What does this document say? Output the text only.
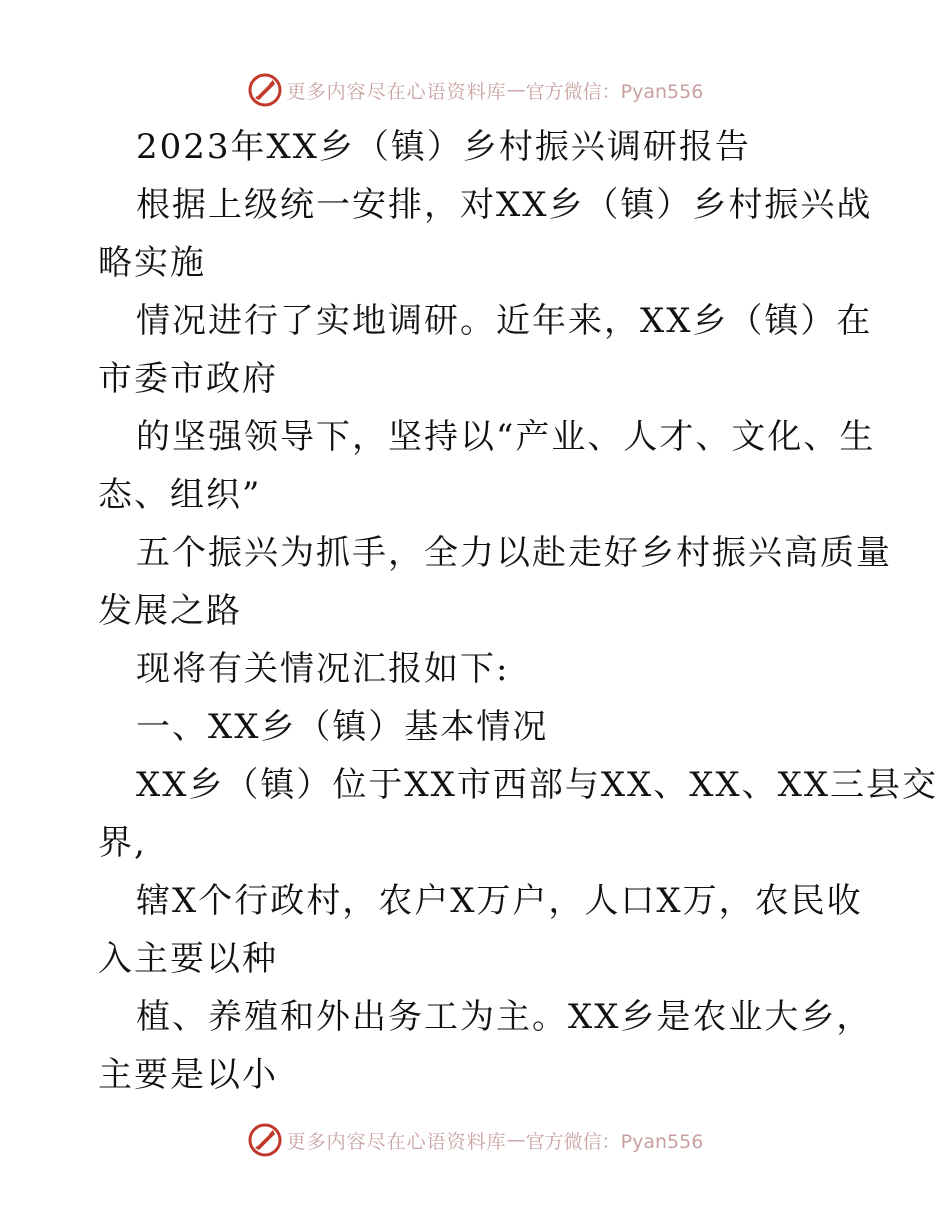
更多内容尽在心语资料库 — 官方微信：Pyan556
2023年XX乡（镇）乡村振兴调研报告
根据上级统一安排，对XX乡（镇）乡村振兴战
略实施
情况进行了实地调研。近年来，XX乡（镇）在
市委市政府
的坚强领导下，坚持以“产业、人才、文化、生
态、组织”
五个振兴为抓手，全力以赴走好乡村振兴高质量
发展之路
现将有关情况汇报如下:
一、XX乡（镇）基本情况
XX乡（镇）位于XX市西部与XX、XX、XX三县交
界,
辖X个行政村，农户X万户，人口X万，农民收
入主要以种
植、养殖和外出务工为主。XX乡是农业大乡，
主要是以小
更多内容尽在心语资料库 — 官方微信：Pyan556
